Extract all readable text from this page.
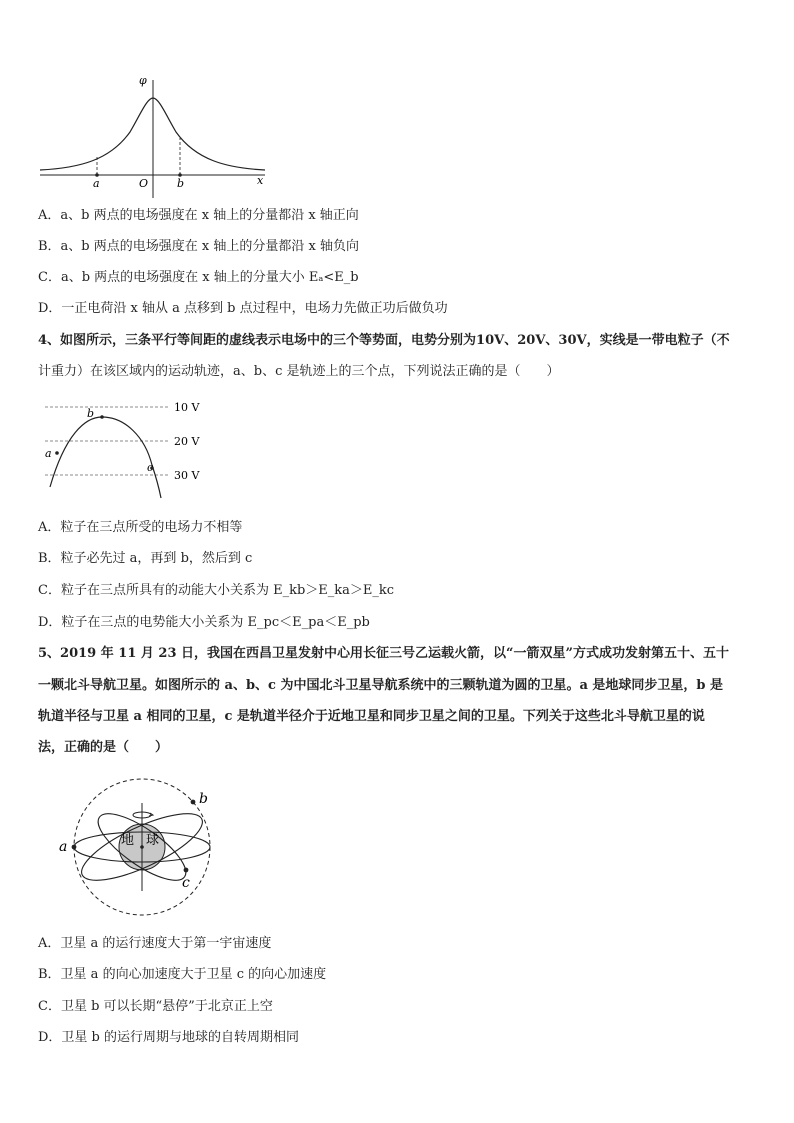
φ
x
O
a	b
A．a、b 两点的电场强度在 x 轴上的分量都沿 x 轴正向
B．a、b 两点的电场强度在 x 轴上的分量都沿 x 轴负向
C．a、b 两点的电场强度在 x 轴上的分量大小 Eₐ<E_b
D．一正电荷沿 x 轴从 a 点移到 b 点过程中，电场力先做正功后做负功
4、如图所示，三条平行等间距的虚线表示电场中的三个等势面，电势分别为10V、20V、30V，实线是一带电粒子（不
计重力）在该区域内的运动轨迹，a、b、c 是轨迹上的三个点，下列说法正确的是（　　）
a
b
c
10 V
20 V
30 V
A．粒子在三点所受的电场力不相等
B．粒子必先过 a，再到 b，然后到 c
C．粒子在三点所具有的动能大小关系为 E_kb＞E_ka＞E_kc
D．粒子在三点的电势能大小关系为 E_pc＜E_pa＜E_pb
5、2019 年 11 月 23 日，我国在西昌卫星发射中心用长征三号乙运载火箭，以“一箭双星”方式成功发射第五十、五十
一颗北斗导航卫星。如图所示的 a、b、c 为中国北斗卫星导航系统中的三颗轨道为圆的卫星。a 是地球同步卫星，b 是
轨道半径与卫星 a 相同的卫星，c 是轨道半径介于近地卫星和同步卫星之间的卫星。下列关于这些北斗导航卫星的说
法，正确的是（　　）
地 球
a
b
c
A．卫星 a 的运行速度大于第一宇宙速度
B．卫星 a 的向心加速度大于卫星 c 的向心加速度
C．卫星 b 可以长期“悬停”于北京正上空
D．卫星 b 的运行周期与地球的自转周期相同
